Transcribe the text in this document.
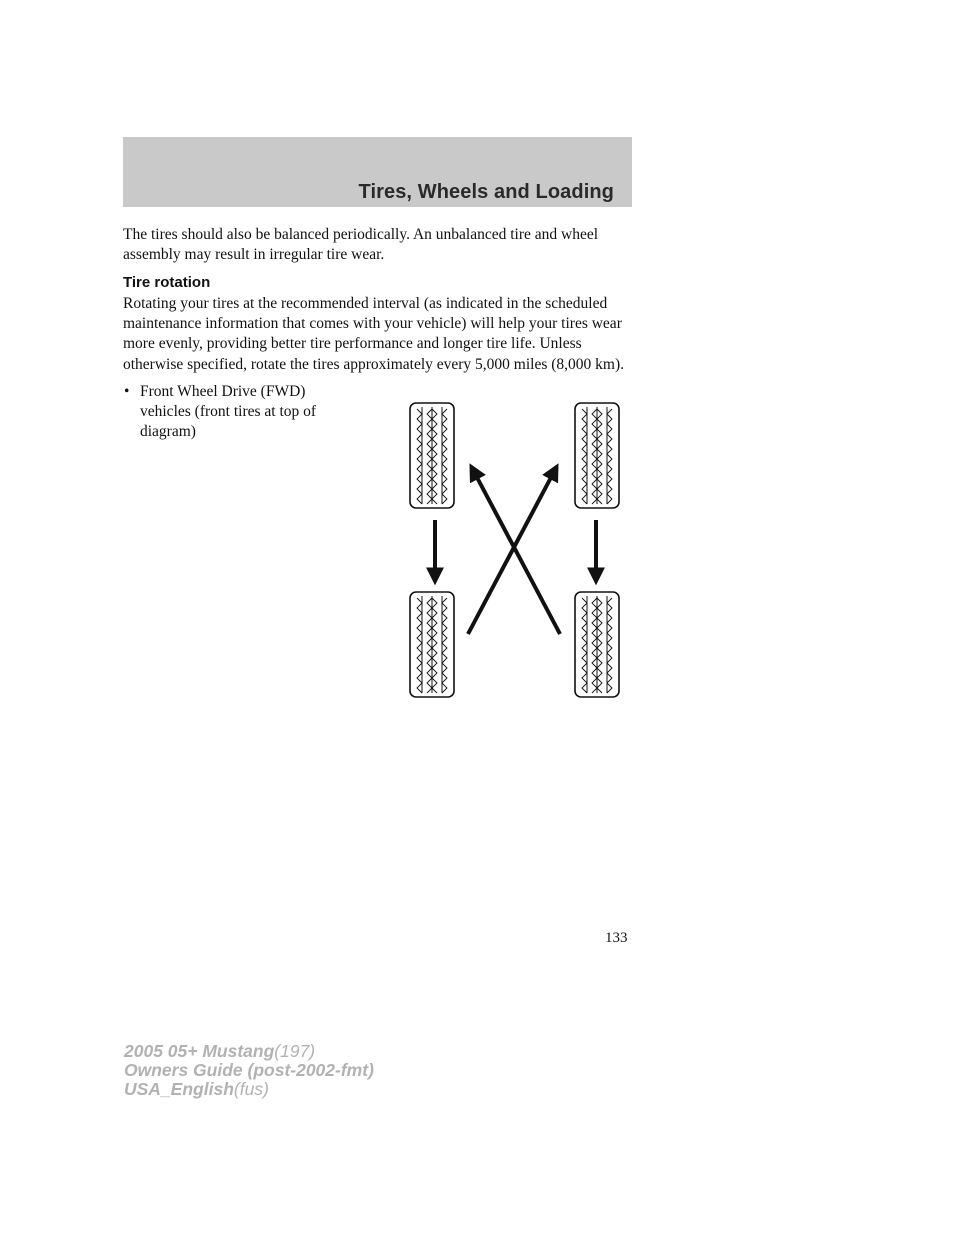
Tires, Wheels and Loading

The tires should also be balanced periodically. An unbalanced tire and wheel assembly may result in irregular tire wear.

Tire rotation

Rotating your tires at the recommended interval (as indicated in the scheduled maintenance information that comes with your vehicle) will help your tires wear more evenly, providing better tire performance and longer tire life. Unless otherwise specified, rotate the tires approximately every 5,000 miles (8,000 km).

• Front Wheel Drive (FWD) vehicles (front tires at top of diagram)
133
2005 05+ Mustang(197)
Owners Guide (post-2002-fmt)
USA_English(fus)
